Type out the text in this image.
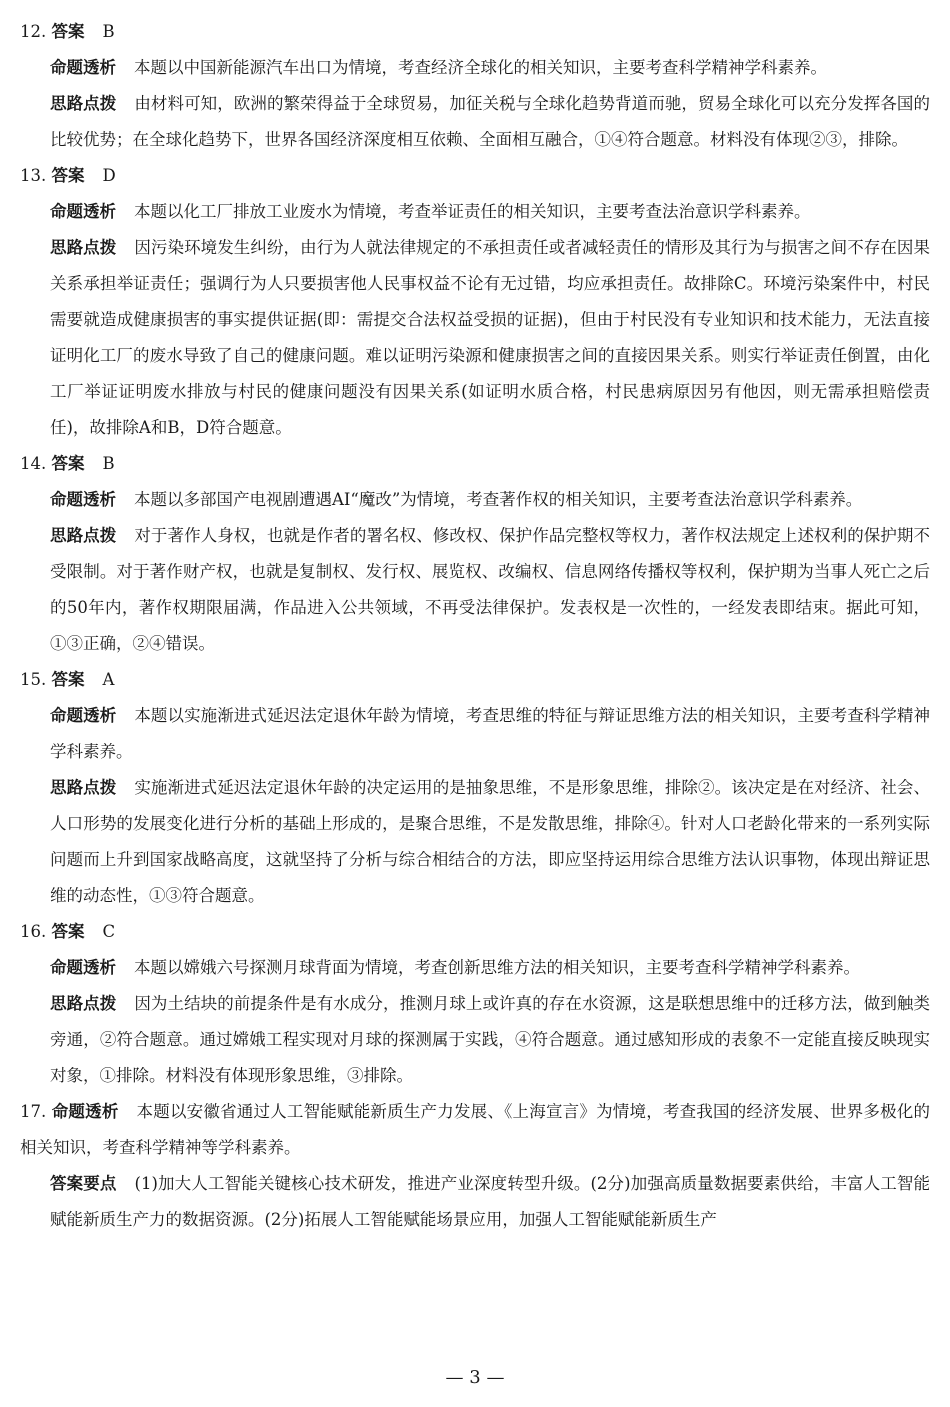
12. 答案 B

命题透析 本题以中国新能源汽车出口为情境，考查经济全球化的相关知识，主要考查科学精神学科素养。

思路点拨 由材料可知，欧洲的繁荣得益于全球贸易，加征关税与全球化趋势背道而驰，贸易全球化可以充分发挥各国的比较优势；在全球化趋势下，世界各国经济深度相互依赖、全面相互融合，①④符合题意。材料没有体现②③，排除。

13. 答案 D

命题透析 本题以化工厂排放工业废水为情境，考查举证责任的相关知识，主要考查法治意识学科素养。

思路点拨 因污染环境发生纠纷，由行为人就法律规定的不承担责任或者减轻责任的情形及其行为与损害之间不存在因果关系承担举证责任；强调行为人只要损害他人民事权益不论有无过错，均应承担责任。故排除C。环境污染案件中，村民需要就造成健康损害的事实提供证据(即：需提交合法权益受损的证据)，但由于村民没有专业知识和技术能力，无法直接证明化工厂的废水导致了自己的健康问题。难以证明污染源和健康损害之间的直接因果关系。则实行举证责任倒置，由化工厂举证证明废水排放与村民的健康问题没有因果关系(如证明水质合格，村民患病原因另有他因，则无需承担赔偿责任)，故排除A和B，D符合题意。

14. 答案 B

命题透析 本题以多部国产电视剧遭遇AI“魔改”为情境，考查著作权的相关知识，主要考查法治意识学科素养。

思路点拨 对于著作人身权，也就是作者的署名权、修改权、保护作品完整权等权力，著作权法规定上述权利的保护期不受限制。对于著作财产权，也就是复制权、发行权、展览权、改编权、信息网络传播权等权利，保护期为当事人死亡之后的50年内，著作权期限届满，作品进入公共领域，不再受法律保护。发表权是一次性的，一经发表即结束。据此可知，①③正确，②④错误。

15. 答案 A

命题透析 本题以实施渐进式延迟法定退休年龄为情境，考查思维的特征与辩证思维方法的相关知识，主要考查科学精神学科素养。

思路点拨 实施渐进式延迟法定退休年龄的决定运用的是抽象思维，不是形象思维，排除②。该决定是在对经济、社会、人口形势的发展变化进行分析的基础上形成的，是聚合思维，不是发散思维，排除④。针对人口老龄化带来的一系列实际问题而上升到国家战略高度，这就坚持了分析与综合相结合的方法，即应坚持运用综合思维方法认识事物，体现出辩证思维的动态性，①③符合题意。

16. 答案 C

命题透析 本题以嫦娥六号探测月球背面为情境，考查创新思维方法的相关知识，主要考查科学精神学科素养。

思路点拨 因为土结块的前提条件是有水成分，推测月球上或许真的存在水资源，这是联想思维中的迁移方法，做到触类旁通，②符合题意。通过嫦娥工程实现对月球的探测属于实践，④符合题意。通过感知形成的表象不一定能直接反映现实对象，①排除。材料没有体现形象思维，③排除。

17. 命题透析 本题以安徽省通过人工智能赋能新质生产力发展、《上海宣言》为情境，考查我国的经济发展、世界多极化的相关知识，考查科学精神等学科素养。

答案要点 (1)加大人工智能关键核心技术研发，推进产业深度转型升级。(2分)加强高质量数据要素供给，丰富人工智能赋能新质生产力的数据资源。(2分)拓展人工智能赋能场景应用，加强人工智能赋能新质生产

— 3 —
